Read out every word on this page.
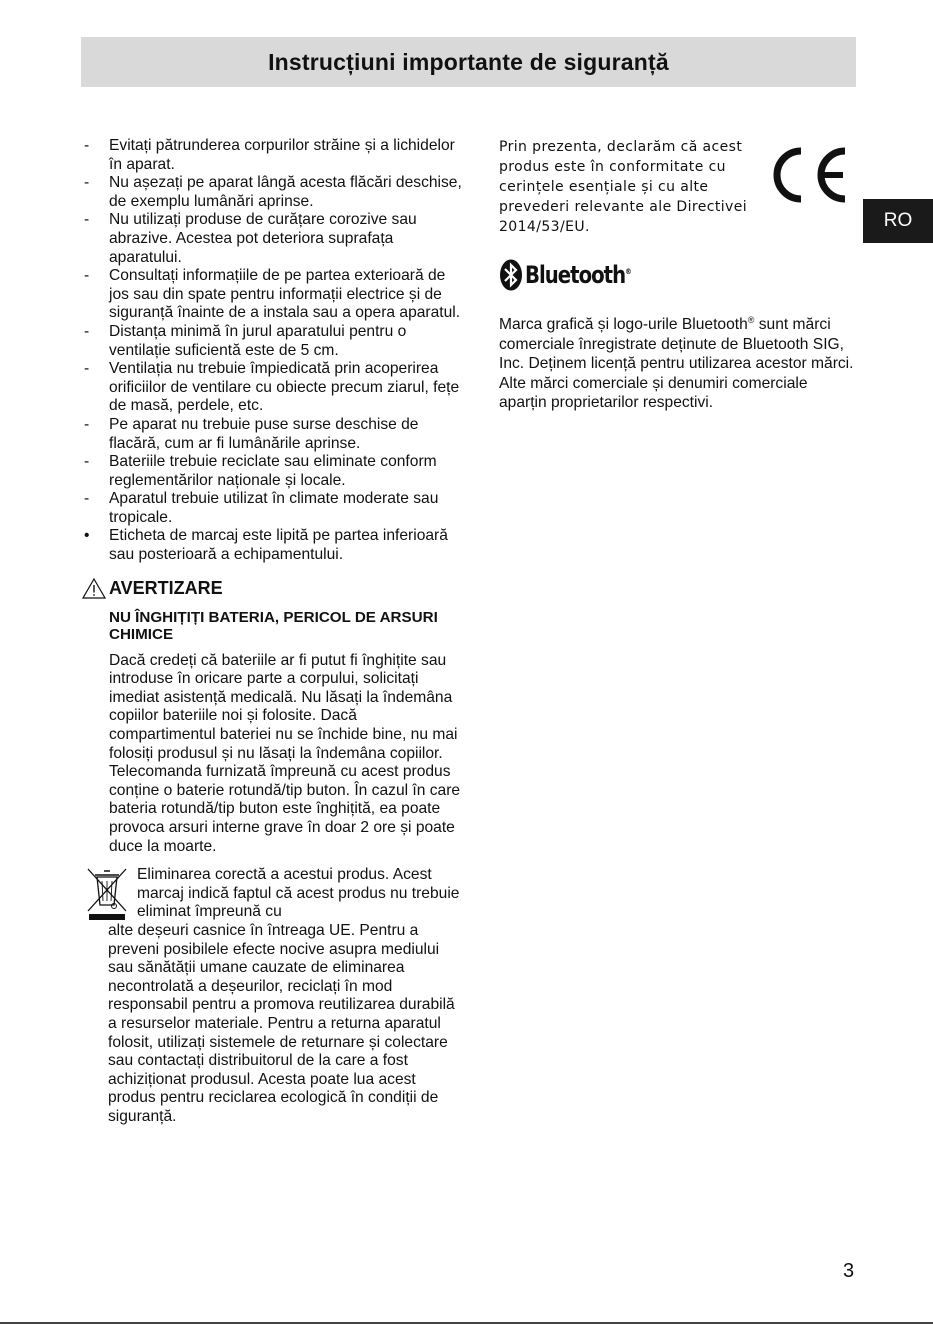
Instrucțiuni importante de siguranță
RO
- Evitați pătrunderea corpurilor străine și a lichidelor în aparat.
- Nu așezați pe aparat lângă acesta flăcări deschise, de exemplu lumânări aprinse.
- Nu utilizați produse de curățare corozive sau abrazive. Acestea pot deteriora suprafața aparatului.
- Consultați informațiile de pe partea exterioară de jos sau din spate pentru informații electrice și de siguranță înainte de a instala sau a opera aparatul.
- Distanța minimă în jurul aparatului pentru o ventilație suficientă este de 5 cm.
- Ventilația nu trebuie împiedicată prin acoperirea orificiilor de ventilare cu obiecte precum ziarul, fețe de masă, perdele, etc.
- Pe aparat nu trebuie puse surse deschise de flacără, cum ar fi lumânările aprinse.
- Bateriile trebuie reciclate sau eliminate conform reglementărilor naționale și locale.
- Aparatul trebuie utilizat în climate moderate sau tropicale.
• Eticheta de marcaj este lipită pe partea inferioară sau posterioară a echipamentului.
AVERTIZARE
NU ÎNGHIȚIȚI BATERIA, PERICOL DE ARSURI CHIMICE
Dacă credeți că bateriile ar fi putut fi înghițite sau introduse în oricare parte a corpului, solicitați imediat asistență medicală. Nu lăsați la îndemâna copiilor bateriile noi și folosite. Dacă compartimentul bateriei nu se închide bine, nu mai folosiți produsul și nu lăsați la îndemâna copiilor. Telecomanda furnizată împreună cu acest produs conține o baterie rotundă/tip buton. În cazul în care bateria rotundă/tip buton este înghițită, ea poate provoca arsuri interne grave în doar 2 ore și poate duce la moarte.

Eliminarea corectă a acestui produs. Acest marcaj indică faptul că acest produs nu trebuie eliminat împreună cu

alte deșeuri casnice în întreaga UE. Pentru a preveni posibilele efecte nocive asupra mediului sau sănătății umane cauzate de eliminarea necontrolată a deșeurilor, reciclați în mod responsabil pentru a promova reutilizarea durabilă a resurselor materiale. Pentru a returna aparatul folosit, utilizați sistemele de returnare și colectare sau contactați distribuitorul de la care a fost achiziționat produsul. Acesta poate lua acest produs pentru reciclarea ecologică în condiții de siguranță.

Prin prezenta, declarăm că acest produs este în conformitate cu cerințele esențiale și cu alte prevederi relevante ale Directivei 2014/53/EU.
Bluetooth®
Marca grafică și logo-urile Bluetooth® sunt mărci comerciale înregistrate deținute de Bluetooth SIG, Inc. Deținem licență pentru utilizarea acestor mărci. Alte mărci comerciale și denumiri comerciale aparțin proprietarilor respectivi.
3
